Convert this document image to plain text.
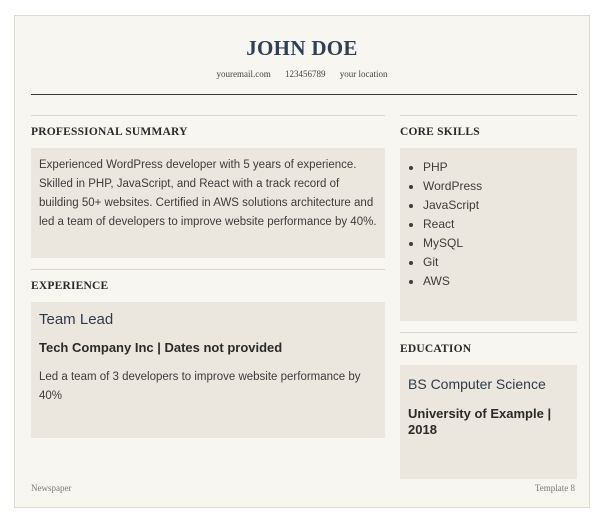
JOHN DOE
youremail.com 123456789 your location
PROFESSIONAL SUMMARY
Experienced WordPress developer with 5 years of experience. Skilled in PHP, JavaScript, and React with a track record of building 50+ websites. Certified in AWS solutions architecture and led a team of developers to improve website performance by 40%.
EXPERIENCE
Team Lead
Tech Company Inc | Dates not provided
Led a team of 3 developers to improve website performance by 40%
CORE SKILLS
• PHP
• WordPress
• JavaScript
• React
• MySQL
• Git
• AWS
EDUCATION
BS Computer Science
University of Example | 2018
Newspaper	Template 8
